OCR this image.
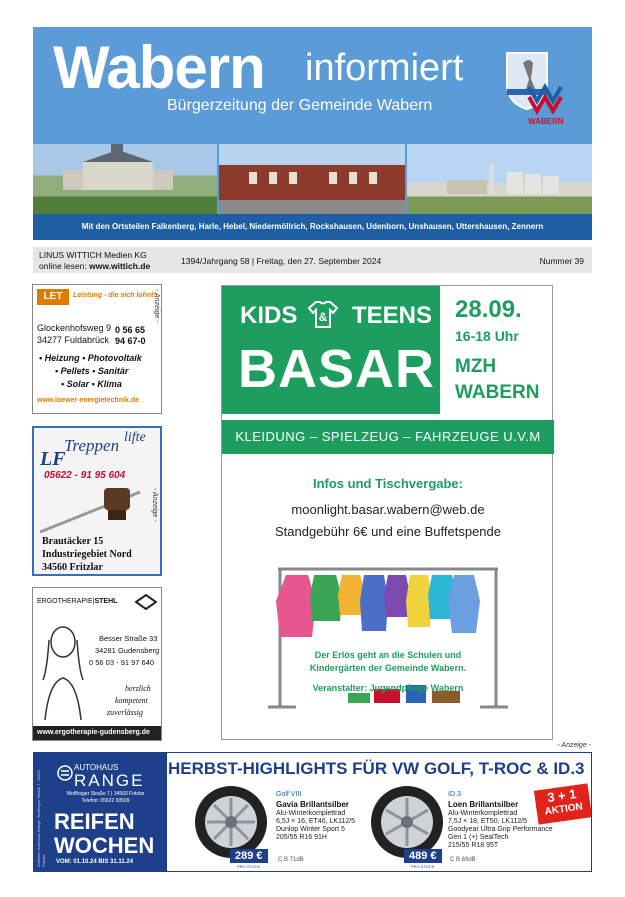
Wabern informiert
Bürgerzeitung der Gemeinde Wabern
WABERN
Mit den Ortsteilen Falkenberg, Harle, Hebel, Niedermöllrich, Rockshausen, Udenborn, Unshausen, Uttershausen, Zennern
LINUS WITTICH Medien KG
online lesen: www.wittich.de	1394/Jahrgang 58 | Freitag, den 27. September 2024	Nummer 39
LET	Leistung - die sich lohnt!
Glockenhofsweg 9
34277 Fuldabrück
0 56 65
94 67-0
• Heizung • Photovoltaik
• Pellets • Sanitär
• Solar • Klima
www.loewer-energietechnik.de
- Anzeige -
LF
Treppen lifte
05622 - 91 95 604
Brautäcker 15
Industriegebiet Nord
34560 Fritzlar
- Anzeige -
ERGOTHERAPIE|STEHL
Besser Straße 33
34281 Gudensberg
0 56 03 - 91 97 640
herzlich
kompetent
zuverlässig
www.ergotherapie-gudensberg.de
KIDS & TEENS
BASAR
28.09.
16-18 Uhr
MZH
WABERN
KLEIDUNG – SPIELZEUG – FAHRZEUGE U.V.M
Infos und Tischvergabe:
moonlight.basar.wabern@web.de
Standgebühr 6€ und eine Buffetspende
Der Erlös geht an die Schulen und
Kindergärten der Gemeinde Wabern.
Veranstalter: Jugendpflege Wabern
- Anzeige -
Anbieter: Autohaus Range, Wolfhager Straße 7, 34560 Fritzlar
AUTOHAUS
RANGE
Wolfhager Straße 7 | 34560 Fritzlar
Telefon: 05622 99599
REIFEN
WOCHEN
VOM: 01.10.24 BIS 31.11.24
HERBST-HIGHLIGHTS FÜR VW GOLF, T-ROC & ID.3
Golf VIII
Gavia Brillantsilber
Alu-Winterkomplettrad
6,5J × 16, ET46, LK112/5
Dunlop Winter Sport 5
205/55 R16 91H
289 €
PRO STÜCK
C B 71dB
ID.3
Loen Brillantsilber
Alu-Winterkomplettrad
7,5J × 18, ET50, LK112/5
Goodyear Ultra Grip Performance
Gen 1 (+) SealTech
215/55 R18 95T
489 €
PRO STÜCK
C B 69dB
3 + 1
AKTION
